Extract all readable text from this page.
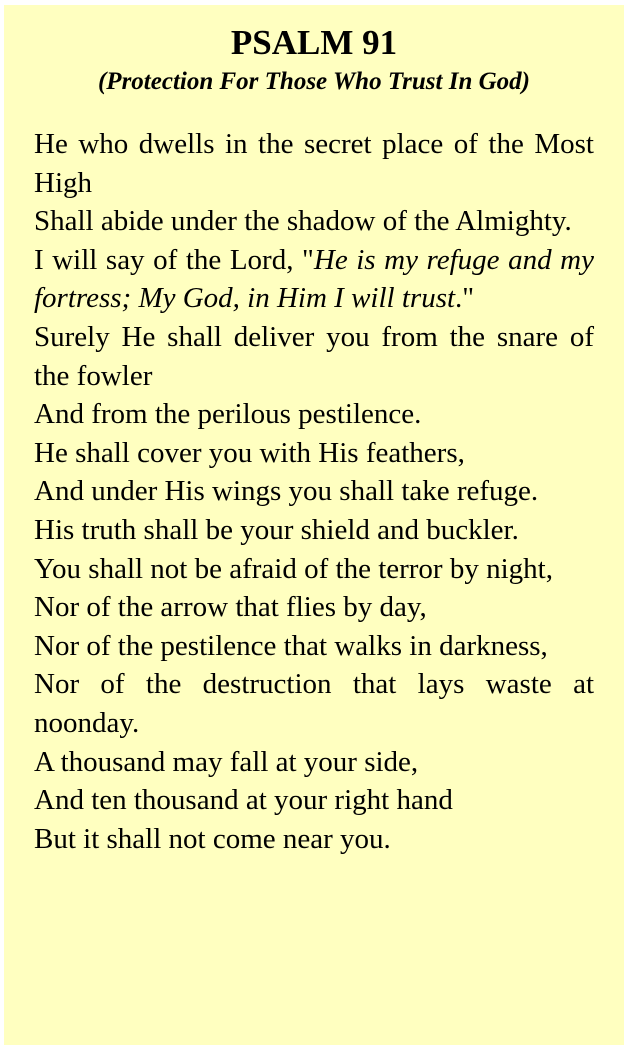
PSALM 91
(Protection For Those Who Trust In God)
He who dwells in the secret place of the Most High
Shall abide under the shadow of the Almighty.
I will say of the Lord, "He is my refuge and my fortress; My God, in Him I will trust."
Surely He shall deliver you from the snare of the fowler
And from the perilous pestilence.
He shall cover you with His feathers,
And under His wings you shall take refuge.
His truth shall be your shield and buckler.
You shall not be afraid of the terror by night,
Nor of the arrow that flies by day,
Nor of the pestilence that walks in darkness,
Nor of the destruction that lays waste at noonday.
A thousand may fall at your side,
And ten thousand at your right hand
But it shall not come near you.
